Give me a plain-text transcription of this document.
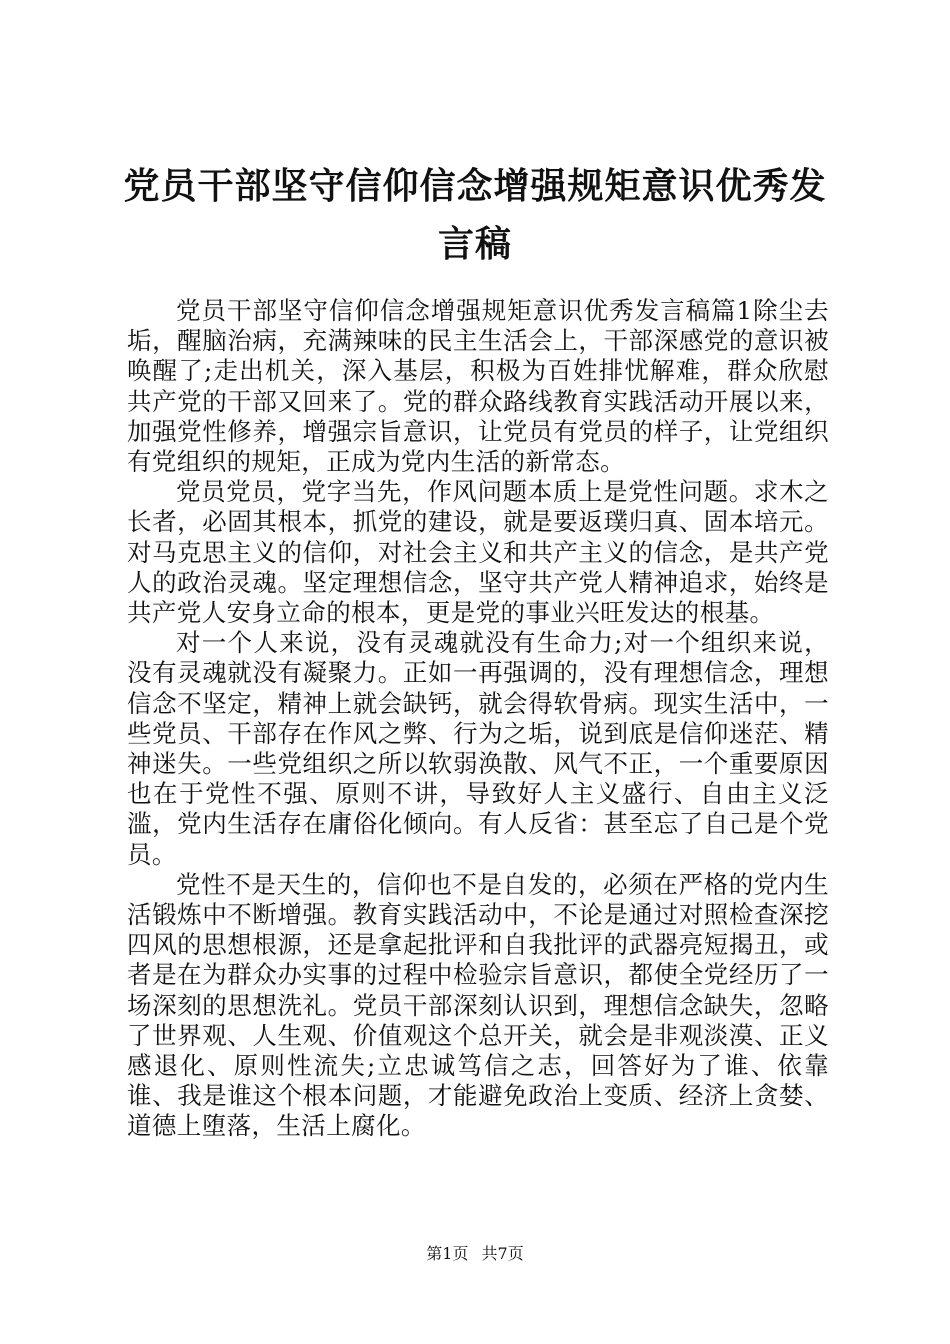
党员干部坚守信仰信念增强规矩意识优秀发言稿

党员干部坚守信仰信念增强规矩意识优秀发言稿篇1除尘去垢，醒脑治病，充满辣味的民主生活会上，干部深感党的意识被唤醒了;走出机关，深入基层，积极为百姓排忧解难，群众欣慰共产党的干部又回来了。党的群众路线教育实践活动开展以来，加强党性修养，增强宗旨意识，让党员有党员的样子，让党组织有党组织的规矩，正成为党内生活的新常态。

党员党员，党字当先，作风问题本质上是党性问题。求木之长者，必固其根本，抓党的建设，就是要返璞归真、固本培元。对马克思主义的信仰，对社会主义和共产主义的信念，是共产党人的政治灵魂。坚定理想信念，坚守共产党人精神追求，始终是共产党人安身立命的根本，更是党的事业兴旺发达的根基。

对一个人来说，没有灵魂就没有生命力;对一个组织来说，没有灵魂就没有凝聚力。正如一再强调的，没有理想信念，理想信念不坚定，精神上就会缺钙，就会得软骨病。现实生活中，一些党员、干部存在作风之弊、行为之垢，说到底是信仰迷茫、精神迷失。一些党组织之所以软弱涣散、风气不正，一个重要原因也在于党性不强、原则不讲，导致好人主义盛行、自由主义泛滥，党内生活存在庸俗化倾向。有人反省：甚至忘了自己是个党员。

党性不是天生的，信仰也不是自发的，必须在严格的党内生活锻炼中不断增强。教育实践活动中，不论是通过对照检查深挖四风的思想根源，还是拿起批评和自我批评的武器亮短揭丑，或者是在为群众办实事的过程中检验宗旨意识，都使全党经历了一场深刻的思想洗礼。党员干部深刻认识到，理想信念缺失，忽略了世界观、人生观、价值观这个总开关，就会是非观淡漠、正义感退化、原则性流失;立忠诚笃信之志，回答好为了谁、依靠谁、我是谁这个根本问题，才能避免政治上变质、经济上贪婪、道德上堕落，生活上腐化。

第1页 共7页
